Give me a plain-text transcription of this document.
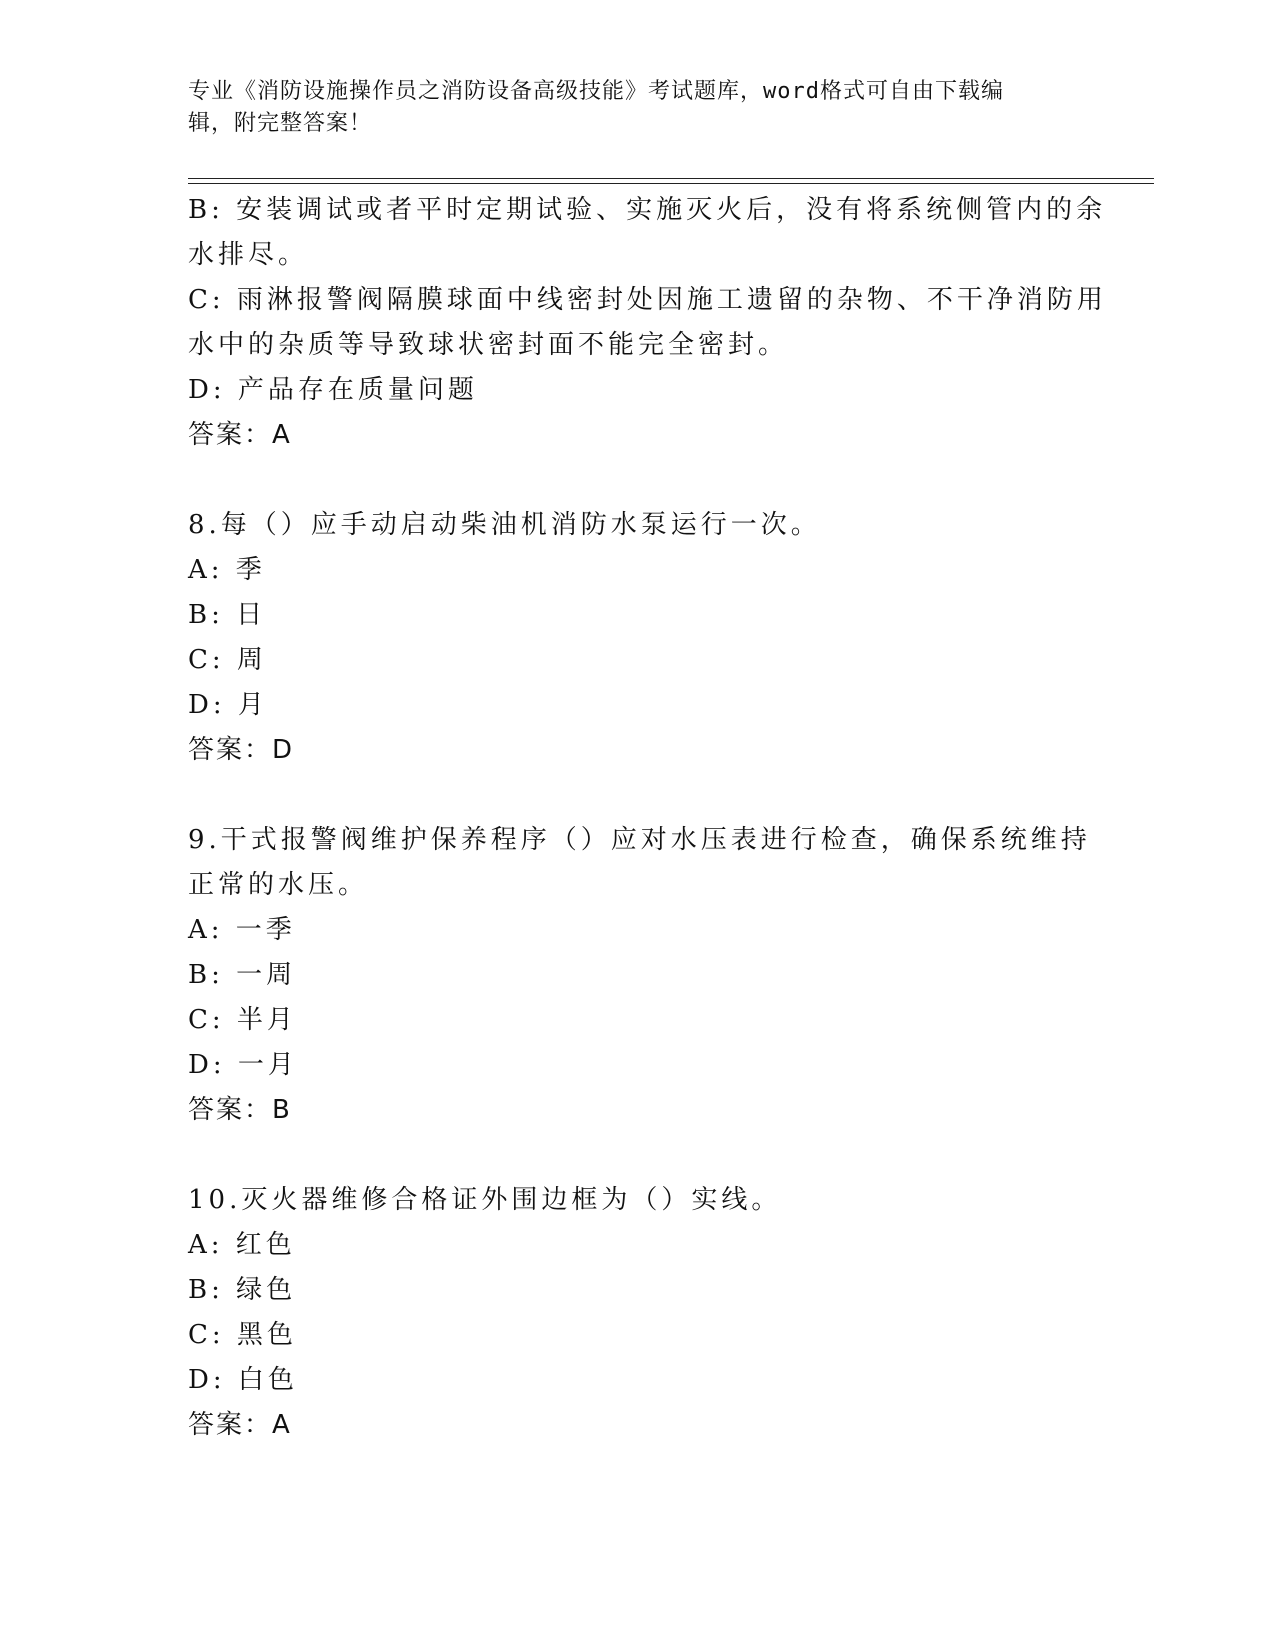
专业《消防设施操作员之消防设备高级技能》考试题库，word格式可自由下载编
辑，附完整答案！
B: 安装调试或者平时定期试验、实施灭火后，没有将系统侧管内的余
水排尽。
C: 雨淋报警阀隔膜球面中线密封处因施工遗留的杂物、不干净消防用
水中的杂质等导致球状密封面不能完全密封。
D: 产品存在质量问题
答案：A
8.每（）应手动启动柴油机消防水泵运行一次。
A: 季
B: 日
C: 周
D: 月
答案：D
9.干式报警阀维护保养程序（）应对水压表进行检查，确保系统维持
正常的水压。
A: 一季
B: 一周
C: 半月
D: 一月
答案：B
10.灭火器维修合格证外围边框为（）实线。
A: 红色
B: 绿色
C: 黑色
D: 白色
答案：A
